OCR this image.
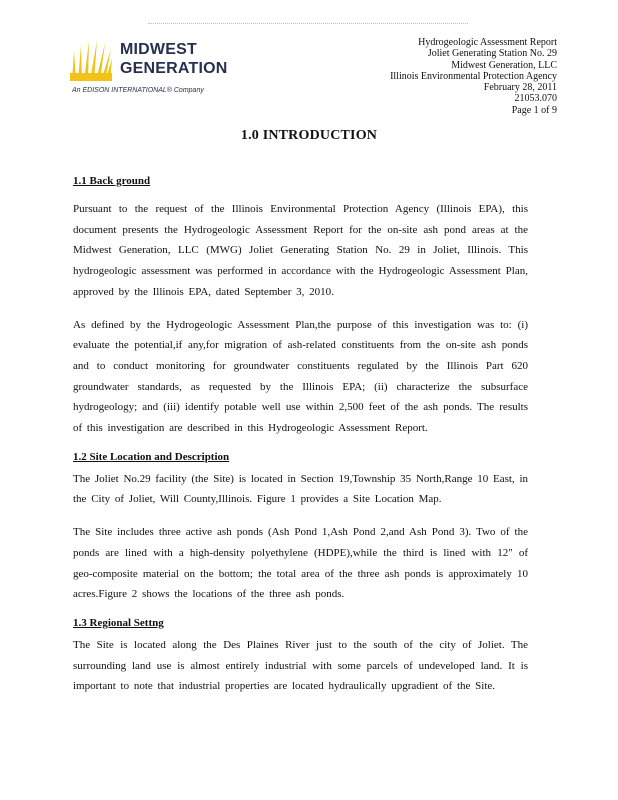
MIDWEST
GENERATION
An EDISON INTERNATIONAL® Company
Hydrogeologic Assessment Report
Joliet Generating Station No. 29
Midwest Generation, LLC
Illinois Environmental Protection Agency
February 28, 2011
21053.070
Page 1 of 9
1.0 INTRODUCTION
1.1 Back ground

Pursuant to the request of the Illinois Environmental Protection Agency (Illinois EPA), this document presents the Hydrogeologic Assessment Report for the on-site ash pond areas at the Midwest Generation, LLC (MWG) Joliet Generating Station No. 29 in Joliet, Illinois. This hydrogeologic assessment was performed in accordance with the Hydrogeologic Assessment Plan, approved by the Illinois EPA, dated September 3, 2010.

As defined by the Hydrogeologic Assessment Plan,the purpose of this investigation was to: (i) evaluate the potential,if any,for migration of ash-related constituents from the on-site ash ponds and to conduct monitoring for groundwater constituents regulated by the Illinois Part 620 groundwater standards, as requested by the Illinois EPA; (ii) characterize the subsurface hydrogeology; and (iii) identify potable well use within 2,500 feet of the ash ponds. The results of this investigation are described in this Hydrogeologic Assessment Report.

1.2 Site Location and Description

The Joliet No.29 facility (the Site) is located in Section 19,Township 35 North,Range 10 East, in the City of Joliet, Will County,Illinois. Figure 1 provides a Site Location Map.

The Site includes three active ash ponds (Ash Pond 1,Ash Pond 2,and Ash Pond 3). Two of the ponds are lined with a high-density polyethylene (HDPE),while the third is lined with 12" of geo-composite material on the bottom; the total area of the three ash ponds is approximately 10 acres.Figure 2 shows the locations of the three ash ponds.

1.3 Regional Settng

The Site is located along the Des Plaines River just to the south of the city of Joliet. The surrounding land use is almost entirely industrial with some parcels of undeveloped land. It is important to note that industrial properties are located hydraulically upgradient of the Site.
